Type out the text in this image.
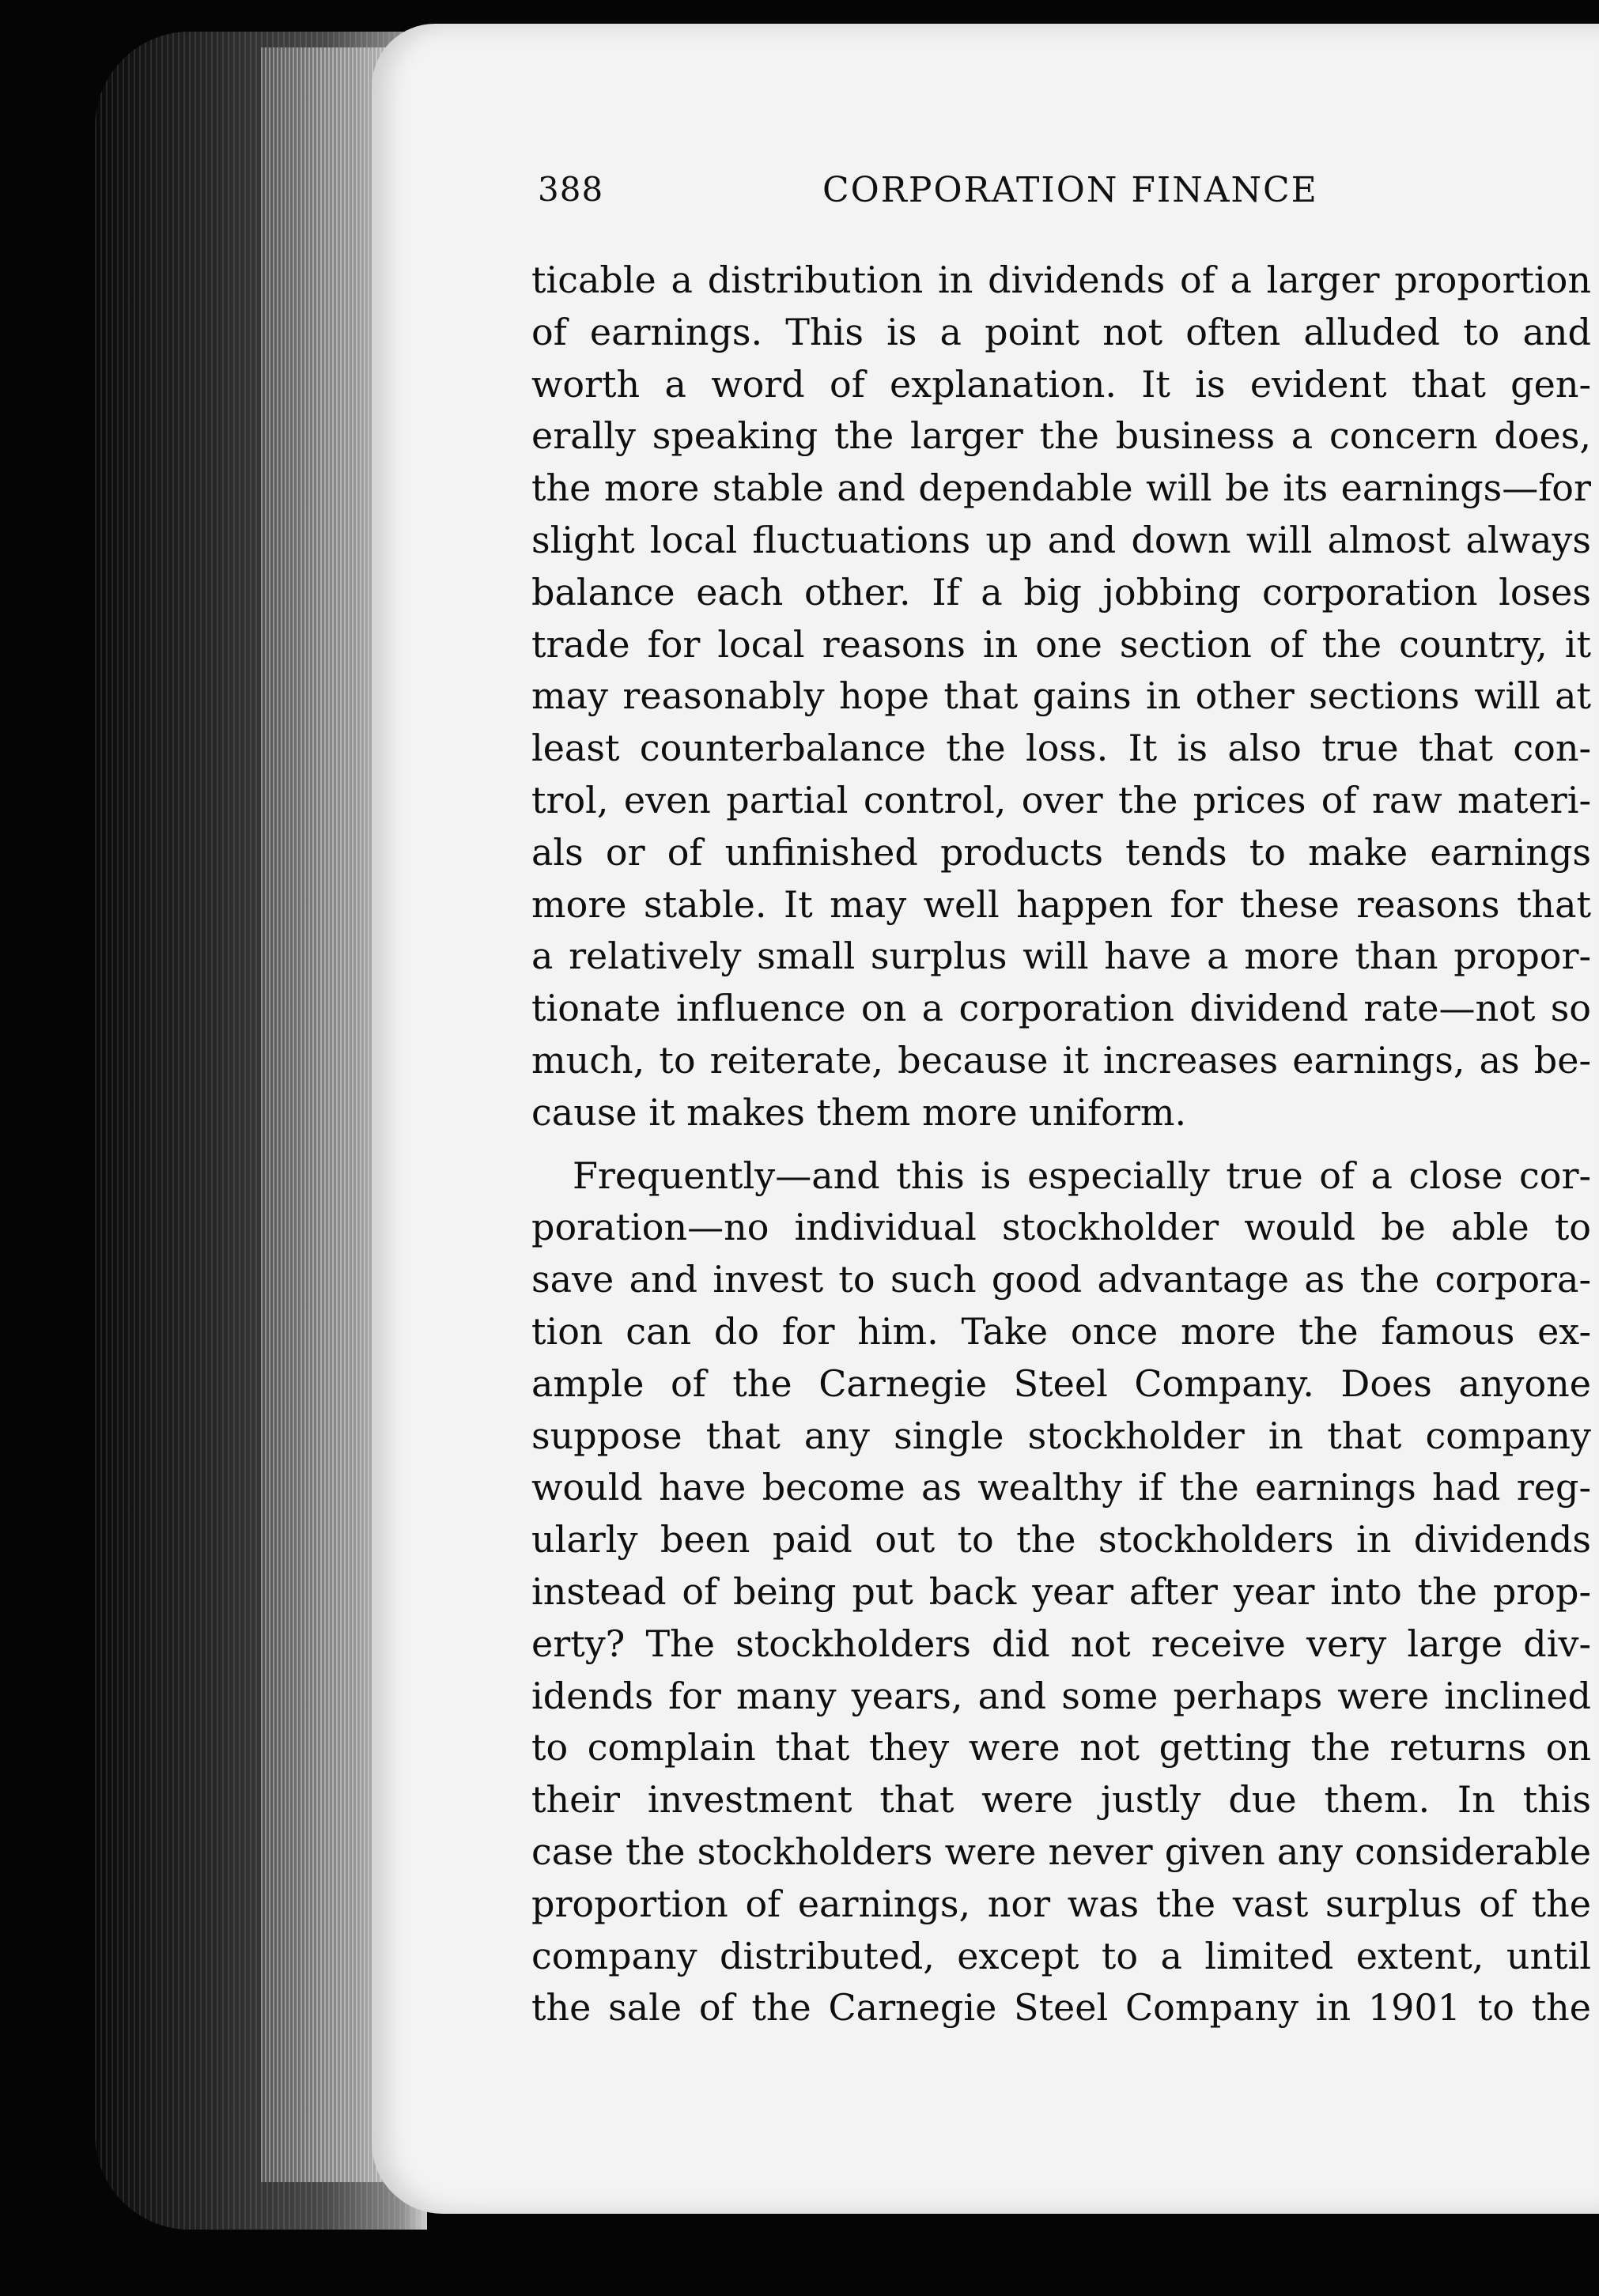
388	CORPORATION FINANCE
ticable a distribution in dividends of a larger proportion
of earnings. This is a point not often alluded to and
worth a word of explanation. It is evident that gen-
erally speaking the larger the business a concern does,
the more stable and dependable will be its earnings—for
slight local fluctuations up and down will almost always
balance each other. If a big jobbing corporation loses
trade for local reasons in one section of the country, it
may reasonably hope that gains in other sections will at
least counterbalance the loss. It is also true that con-
trol, even partial control, over the prices of raw materi-
als or of unfinished products tends to make earnings
more stable. It may well happen for these reasons that
a relatively small surplus will have a more than propor-
tionate influence on a corporation dividend rate—not so
much, to reiterate, because it increases earnings, as be-
cause it makes them more uniform.
Frequently—and this is especially true of a close cor-
poration—no individual stockholder would be able to
save and invest to such good advantage as the corpora-
tion can do for him. Take once more the famous ex-
ample of the Carnegie Steel Company. Does anyone
suppose that any single stockholder in that company
would have become as wealthy if the earnings had reg-
ularly been paid out to the stockholders in dividends
instead of being put back year after year into the prop-
erty? The stockholders did not receive very large div-
idends for many years, and some perhaps were inclined
to complain that they were not getting the returns on
their investment that were justly due them. In this
case the stockholders were never given any considerable
proportion of earnings, nor was the vast surplus of the
company distributed, except to a limited extent, until
the sale of the Carnegie Steel Company in 1901 to the
